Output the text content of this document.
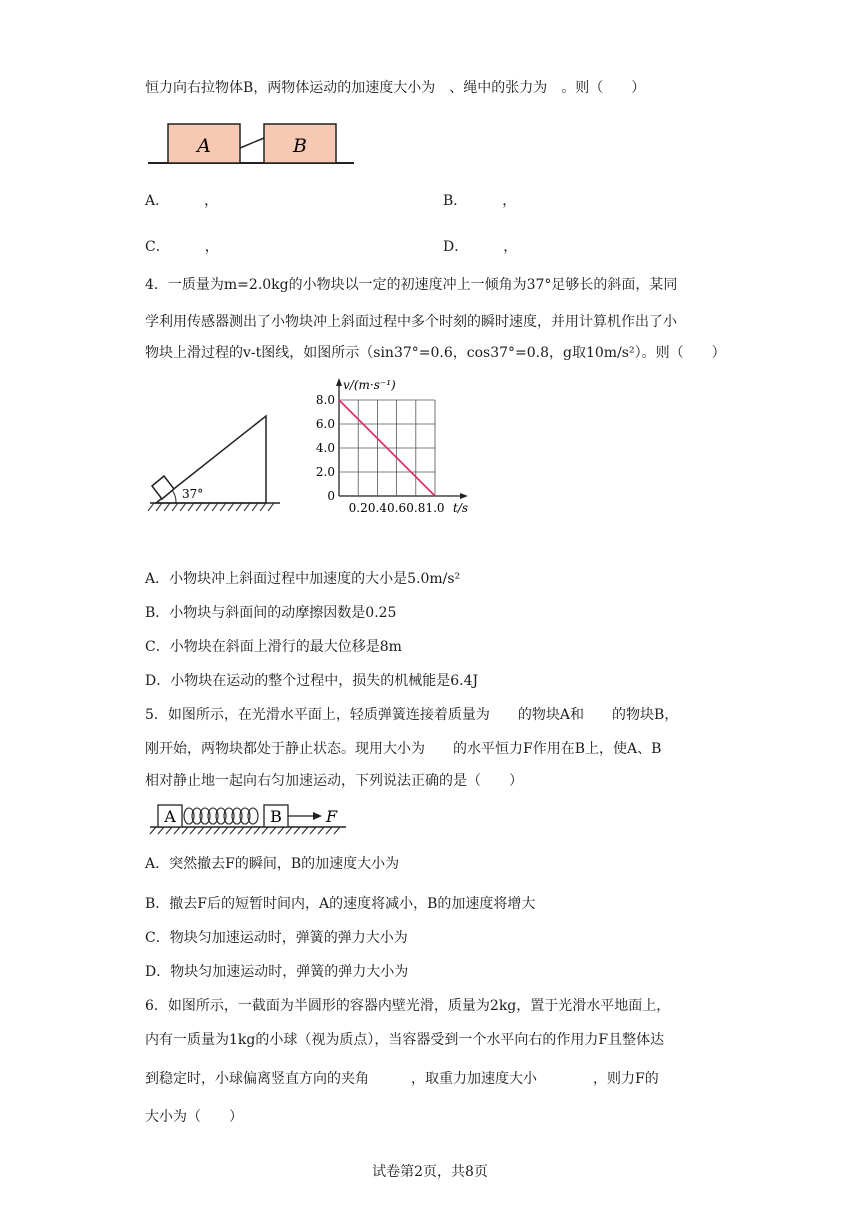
恒力向右拉物体B，两物体运动的加速度大小为　、绳中的张力为　。则（　　）
A	B
A．　　　，	B．　　　，
C．　　　，	D．　　　，
4．一质量为m=2.0kg的小物块以一定的初速度冲上一倾角为37°足够长的斜面，某同
学利用传感器测出了小物块冲上斜面过程中多个时刻的瞬时速度，并用计算机作出了小
物块上滑过程的v-t图线，如图所示（sin37°=0.6，cos37°=0.8，g取10m/s²）。则（　　）
37°
0.2 0.4 0.6 0.8 1.0
0
2.0
4.0
6.0
8.0
v/(m·s⁻¹)
t/s
A．小物块冲上斜面过程中加速度的大小是5.0m/s²
B．小物块与斜面间的动摩擦因数是0.25
C．小物块在斜面上滑行的最大位移是8m
D．小物块在运动的整个过程中，损失的机械能是6.4J
5．如图所示，在光滑水平面上，轻质弹簧连接着质量为　　的物块A和　　的物块B，
刚开始，两物块都处于静止状态。现用大小为　　的水平恒力F作用在B上，使A、B
相对静止地一起向右匀加速运动，下列说法正确的是（　　）
A	B	F
A．突然撤去F的瞬间，B的加速度大小为
B．撤去F后的短暂时间内，A的速度将减小，B的加速度将增大
C．物块匀加速运动时，弹簧的弹力大小为
D．物块匀加速运动时，弹簧的弹力大小为
6．如图所示，一截面为半圆形的容器内壁光滑，质量为2kg，置于光滑水平地面上，
内有一质量为1kg的小球（视为质点），当容器受到一个水平向右的作用力F且整体达
到稳定时，小球偏离竖直方向的夹角　　　，取重力加速度大小　　　　，则力F的
大小为（　　）
试卷第2页，共8页
